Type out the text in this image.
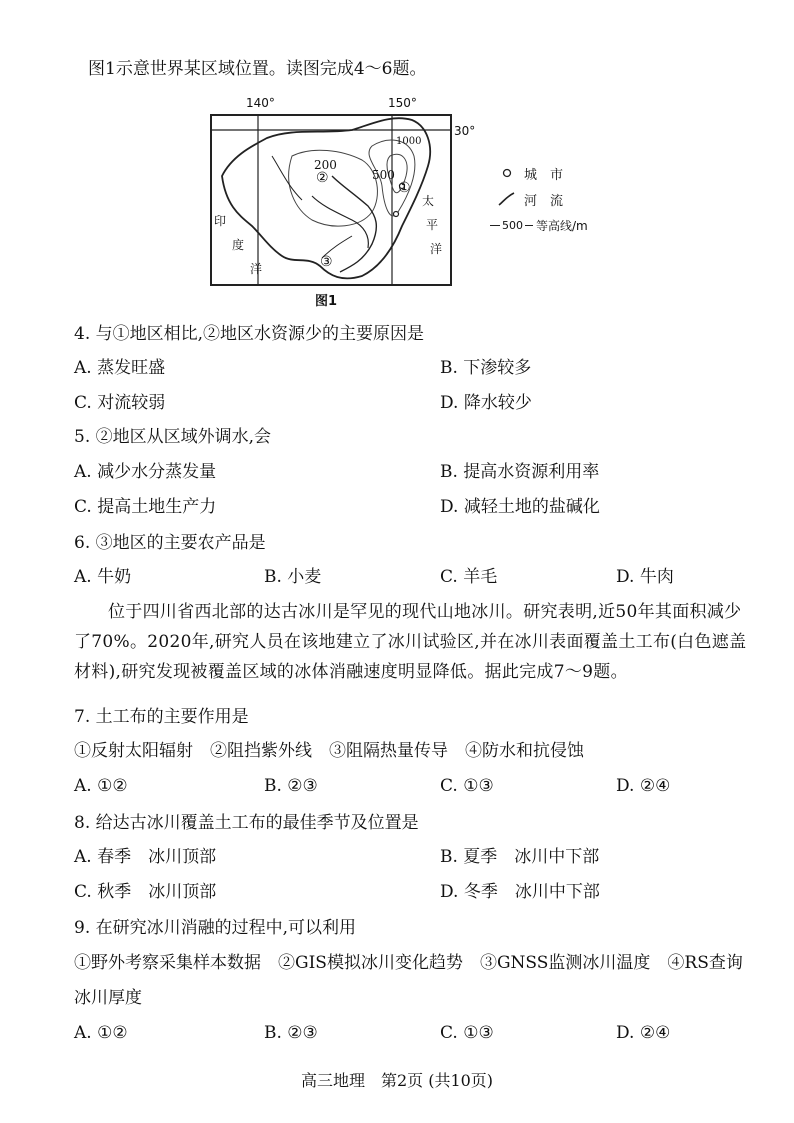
图1示意世界某区域位置。读图完成4～6题。
140°	150°
30°
200
500
1000
②
①
③
印
度
洋
太
平
洋
城　市
河　流
500 等高线/m
图1
4. 与①地区相比,②地区水资源少的主要原因是
A. 蒸发旺盛	B. 下渗较多
C. 对流较弱	D. 降水较少
5. ②地区从区域外调水,会
A. 减少水分蒸发量	B. 提高水资源利用率
C. 提高土地生产力	D. 减轻土地的盐碱化
6. ③地区的主要农产品是
A. 牛奶	B. 小麦	C. 羊毛	D. 牛肉
位于四川省西北部的达古冰川是罕见的现代山地冰川。研究表明,近50年其面积减少了70%。2020年,研究人员在该地建立了冰川试验区,并在冰川表面覆盖土工布(白色遮盖材料),研究发现被覆盖区域的冰体消融速度明显降低。据此完成7～9题。
7. 土工布的主要作用是
①反射太阳辐射　②阻挡紫外线　③阻隔热量传导　④防水和抗侵蚀
A. ①②	B. ②③	C. ①③	D. ②④
8. 给达古冰川覆盖土工布的最佳季节及位置是
A. 春季　冰川顶部	B. 夏季　冰川中下部
C. 秋季　冰川顶部	D. 冬季　冰川中下部
9. 在研究冰川消融的过程中,可以利用
①野外考察采集样本数据　②GIS模拟冰川变化趋势　③GNSS监测冰川温度　④RS查询
冰川厚度
A. ①②	B. ②③	C. ①③	D. ②④
高三地理　第2页 (共10页)
